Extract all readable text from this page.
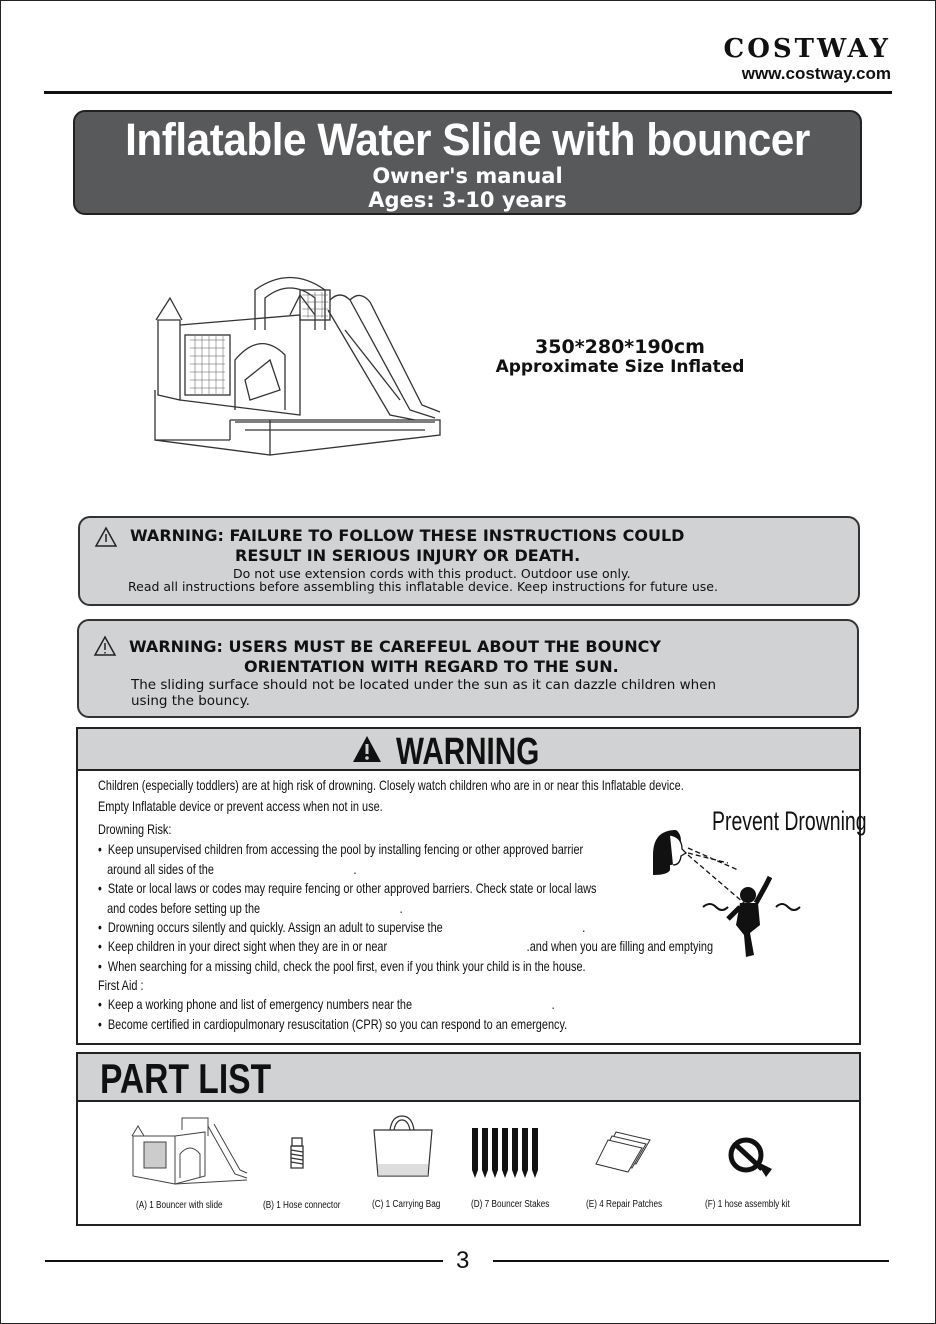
COSTWAY
www.costway.com
Inflatable Water Slide with bouncer
Owner's manual
Ages: 3-10 years
350*280*190cm
Approximate Size Inflated
WARNING: FAILURE TO FOLLOW THESE INSTRUCTIONS COULD
RESULT IN SERIOUS INJURY OR DEATH.
Do not use extension cords with this product. Outdoor use only.
Read all instructions before assembling this inflatable device. Keep instructions for future use.
WARNING: USERS MUST BE CAREFEUL ABOUT THE BOUNCY
ORIENTATION WITH REGARD TO THE SUN.
The sliding surface should not be located under the sun as it can dazzle children when
using the bouncy.
WARNING
Children (especially toddlers) are at high risk of drowning. Closely watch children who are in or near this Inflatable device.
Empty Inflatable device or prevent access when not in use.
Drowning Risk:
•  Keep unsupervised children from accessing the pool by installing fencing or other approved barrier
around all sides of the                                              .
•  State or local laws or codes may require fencing or other approved barriers. Check state or local laws
and codes before setting up the                                              .
•  Drowning occurs silently and quickly. Assign an adult to supervise the                                              .
•  Keep children in your direct sight when they are in or near                                              .and when you are filling and emptying
•  When searching for a missing child, check the pool first, even if you think your child is in the house.
First Aid :
•  Keep a working phone and list of emergency numbers near the                                              .
•  Become certified in cardiopulmonary resuscitation (CPR) so you can respond to an emergency.
Prevent Drowning
PART LIST
(A) 1 Bouncer with slide	(B) 1 Hose connector	(C) 1 Carrying Bag	(D) 7 Bouncer Stakes	(E) 4 Repair Patches	(F) 1 hose assembly kit
3
